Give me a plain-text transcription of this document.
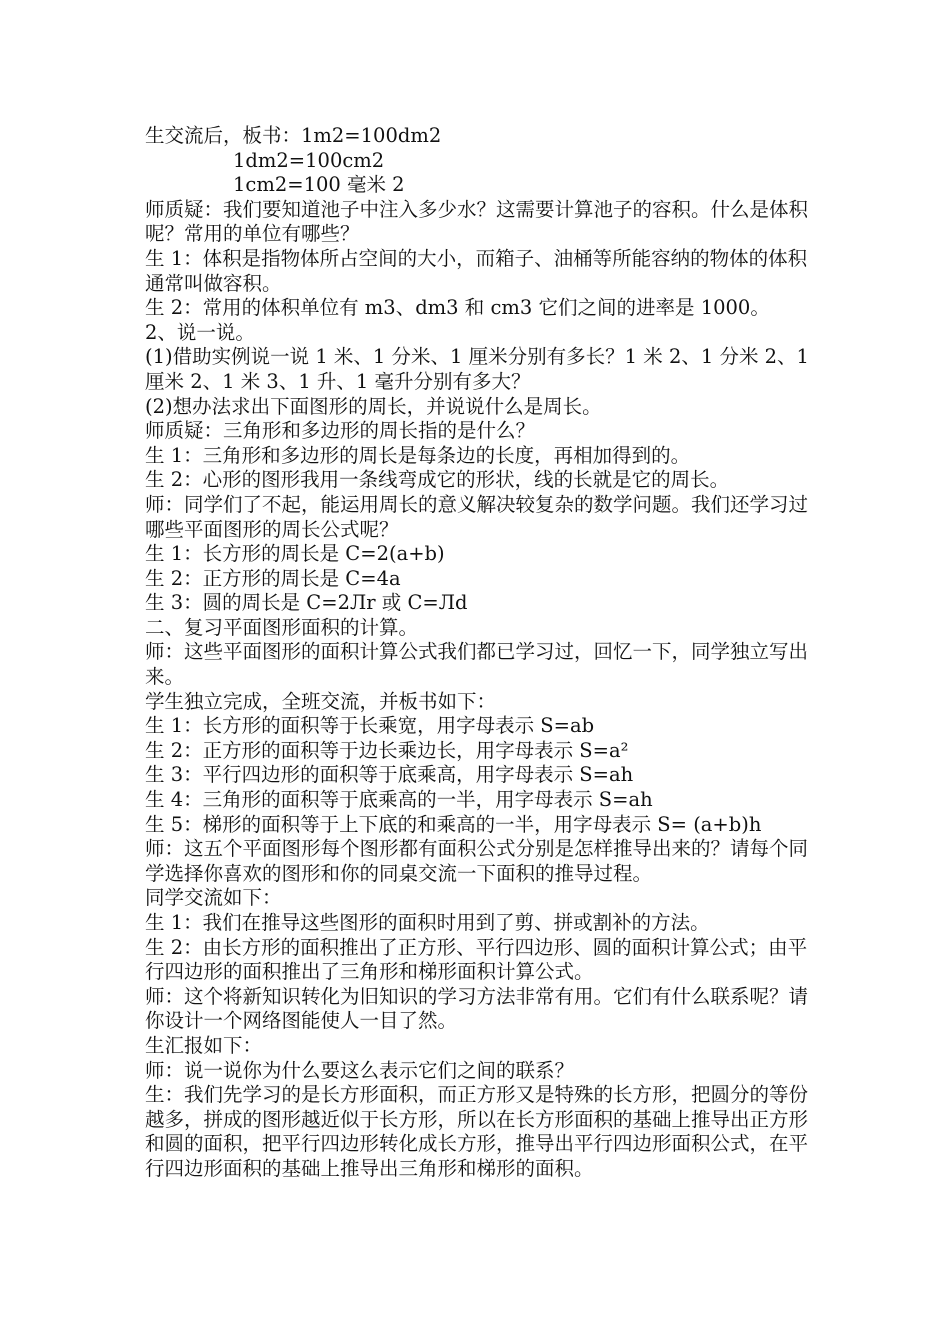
生交流后，板书：1m2=100dm2
1dm2=100cm2
1cm2=100 毫米 2
师质疑：我们要知道池子中注入多少水？这需要计算池子的容积。什么是体积呢？常用的单位有哪些？
生 1：体积是指物体所占空间的大小，而箱子、油桶等所能容纳的物体的体积通常叫做容积。
生 2：常用的体积单位有 m3、dm3 和 cm3 它们之间的进率是 1000。
2、说一说。
(1)借助实例说一说 1 米、1 分米、1 厘米分别有多长？1 米 2、1 分米 2、1 厘米 2、1 米 3、1 升、1 毫升分别有多大？
(2)想办法求出下面图形的周长，并说说什么是周长。
师质疑：三角形和多边形的周长指的是什么？
生 1：三角形和多边形的周长是每条边的长度，再相加得到的。
生 2：心形的图形我用一条线弯成它的形状，线的长就是它的周长。
师：同学们了不起，能运用周长的意义解决较复杂的数学问题。我们还学习过哪些平面图形的周长公式呢？
生 1：长方形的周长是 C=2(a+b)
生 2：正方形的周长是 C=4a
生 3：圆的周长是 C=2Лr 或 C=Лd
二、复习平面图形面积的计算。
师：这些平面图形的面积计算公式我们都已学习过，回忆一下，同学独立写出来。
学生独立完成，全班交流，并板书如下：
生 1：长方形的面积等于长乘宽，用字母表示 S=ab
生 2：正方形的面积等于边长乘边长，用字母表示 S=a²
生 3：平行四边形的面积等于底乘高，用字母表示 S=ah
生 4：三角形的面积等于底乘高的一半，用字母表示 S=ah
生 5：梯形的面积等于上下底的和乘高的一半，用字母表示 S= (a+b)h
师：这五个平面图形每个图形都有面积公式分别是怎样推导出来的？请每个同学选择你喜欢的图形和你的同桌交流一下面积的推导过程。
同学交流如下：
生 1：我们在推导这些图形的面积时用到了剪、拼或割补的方法。
生 2：由长方形的面积推出了正方形、平行四边形、圆的面积计算公式；由平行四边形的面积推出了三角形和梯形面积计算公式。
师：这个将新知识转化为旧知识的学习方法非常有用。它们有什么联系呢？请你设计一个网络图能使人一目了然。
生汇报如下：
师：说一说你为什么要这么表示它们之间的联系？
生：我们先学习的是长方形面积，而正方形又是特殊的长方形，把圆分的等份越多，拼成的图形越近似于长方形，所以在长方形面积的基础上推导出正方形和圆的面积，把平行四边形转化成长方形，推导出平行四边形面积公式，在平行四边形面积的基础上推导出三角形和梯形的面积。
